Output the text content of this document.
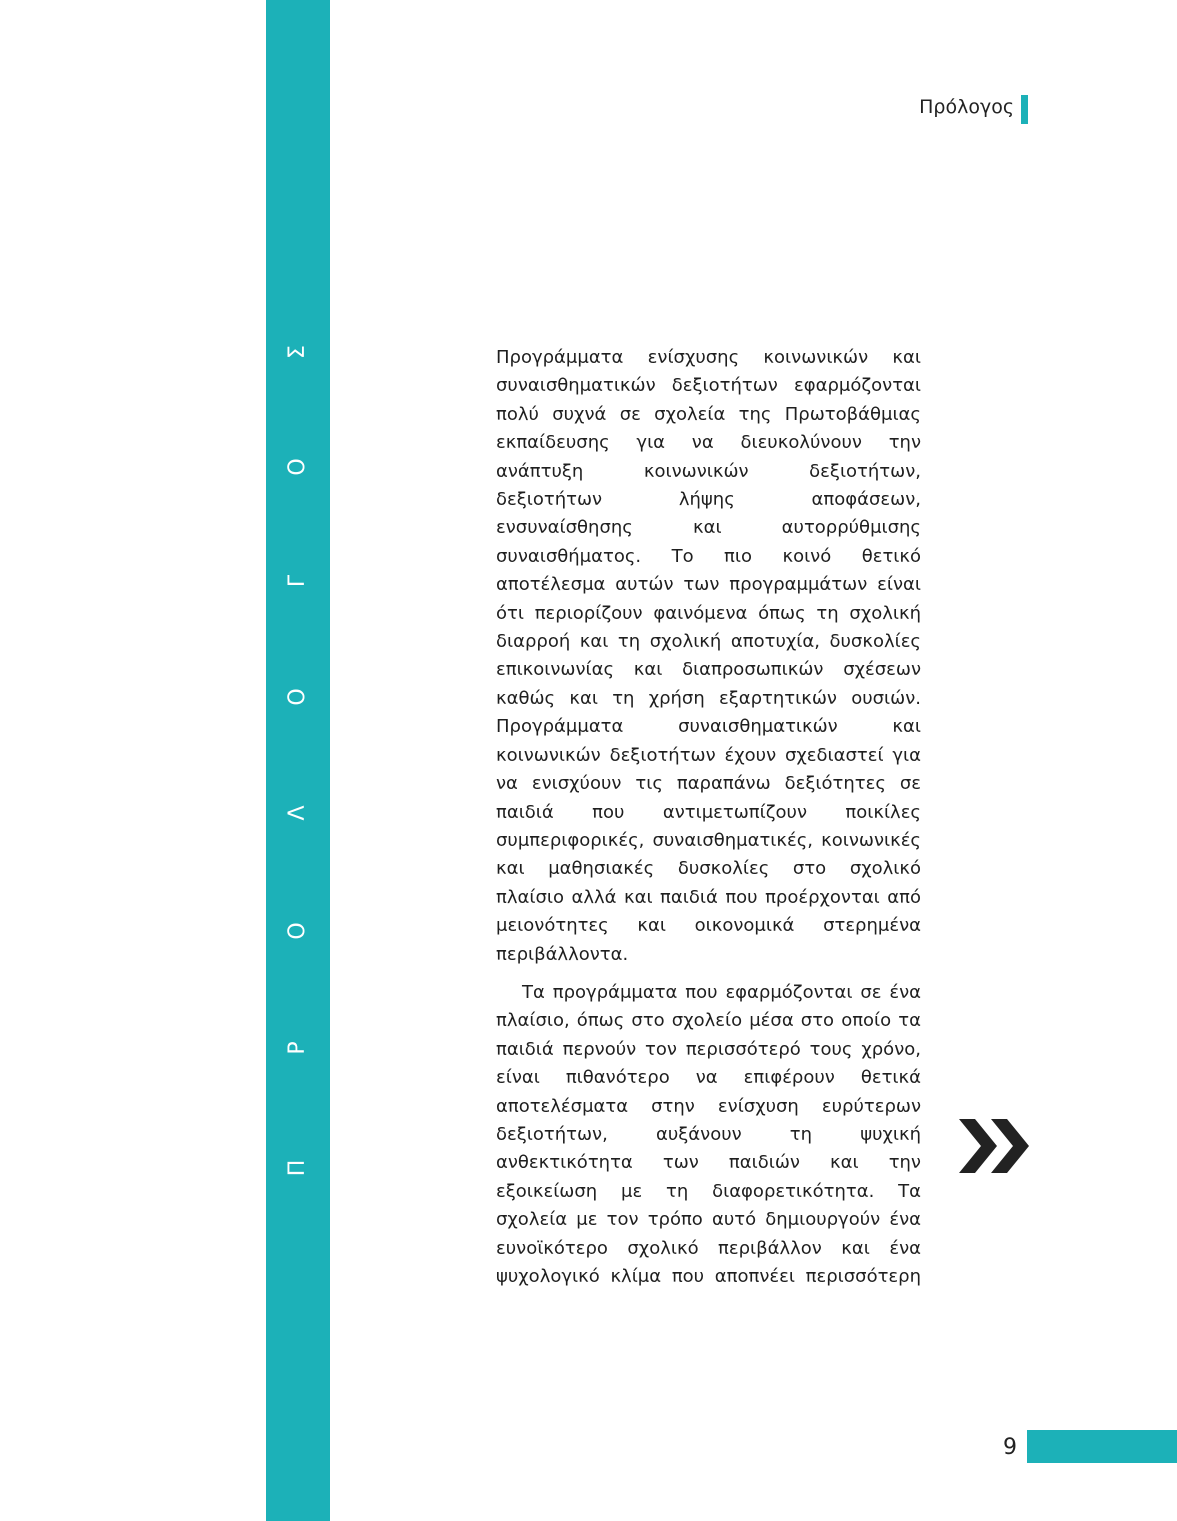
Π
Ρ
Ο
Λ
Ο
Γ
Ο
Σ
Πρόλογος

Προγράμματα ενίσχυσης κοινωνικών και συναισθηματικών δεξιοτήτων εφαρμόζονται πολύ συχνά σε σχολεία της Πρωτοβάθμιας εκπαίδευσης για να διευκολύνουν την ανάπτυξη κοινωνικών δεξιοτήτων, δεξιοτήτων λήψης αποφάσεων, ενσυναίσθησης και αυτορρύθμισης συναισθήματος. Το πιο κοινό θετικό αποτέλεσμα αυτών των προγραμμάτων είναι ότι περιορίζουν φαινόμενα όπως τη σχολική διαρροή και τη σχολική αποτυχία, δυσκολίες επικοινωνίας και διαπροσωπικών σχέσεων καθώς και τη χρήση εξαρτητικών ουσιών. Προγράμματα συναισθηματικών και κοινωνικών δεξιοτήτων έχουν σχεδιαστεί για να ενισχύουν τις παραπάνω δεξιότητες σε παιδιά που αντιμετωπίζουν ποικίλες συμπεριφορικές, συναισθηματικές, κοινωνικές και μαθησιακές δυσκολίες στο σχολικό πλαίσιο αλλά και παιδιά που προέρχονται από μειονότητες και οικονομικά στερημένα περιβάλλοντα.

Τα προγράμματα που εφαρμόζονται σε ένα πλαίσιο, όπως στο σχολείο μέσα στο οποίο τα παιδιά περνούν τον περισσότερό τους χρόνο, είναι πιθανότερο να επιφέρουν θετικά αποτελέσματα στην ενίσχυση ευρύτερων δεξιοτήτων, αυξάνουν τη ψυχική ανθεκτικότητα των παιδιών και την εξοικείωση με τη διαφορετικότητα. Τα σχολεία με τον τρόπο αυτό δημιουργούν ένα ευνοϊκότερο σχολικό περιβάλλον και ένα ψυχολογικό κλίμα που αποπνέει περισσότερη

9
